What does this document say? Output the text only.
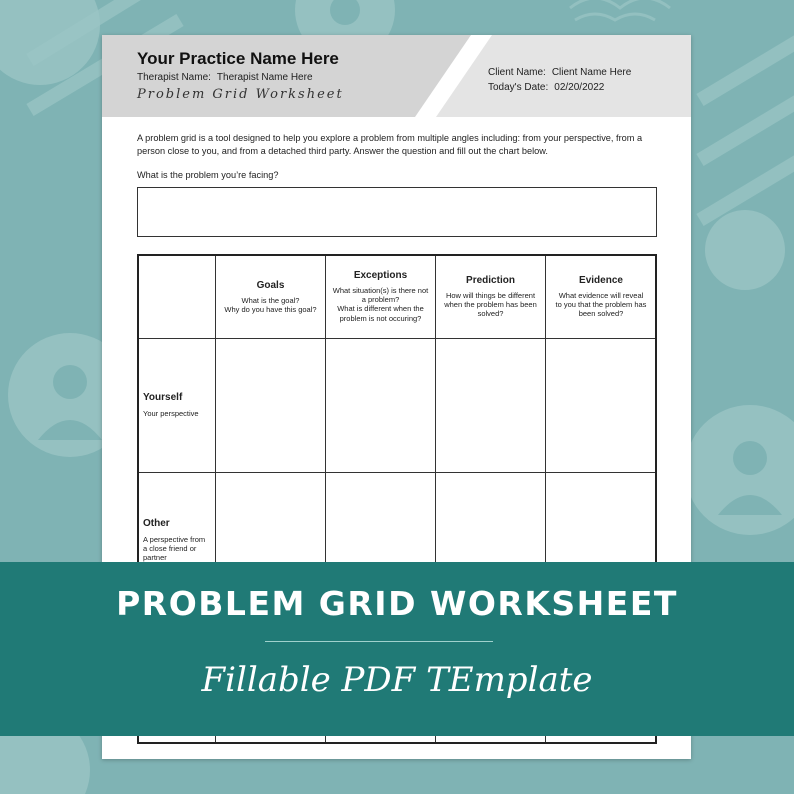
Your Practice Name Here
Therapist Name: Therapist Name Here
Problem Grid Worksheet
Client Name: Client Name Here
Today's Date: 02/20/2022
A problem grid is a tool designed to help you explore a problem from multiple angles including: from your perspective, from a person close to you, and from a detached third party. Answer the question and fill out the chart below.
What is the problem you’re facing?
Goals
What is the goal?
Why do you have this goal?
Exceptions
What situation(s) is there not
a problem?
What is different when the
problem is not occuring?
Prediction
How will things be different
when the problem has been
solved?
Evidence
What evidence will reveal
to you that the problem has
been solved?
Yourself
Your perspective
Other
A perspective from
a close friend or
partner
PROBLEM GRID WORKSHEET
Fillable PDF TEmplate
